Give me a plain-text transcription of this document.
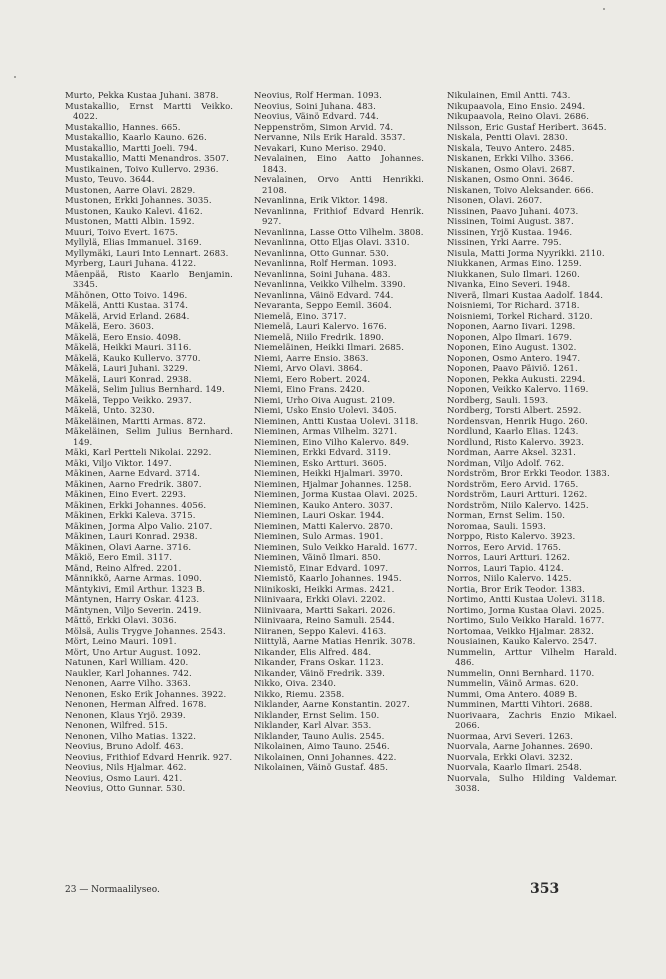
Murto, Pekka Kustaa Juhani. 3878.
Mustakallio, Ernst Martti Veikko. 4022.
Mustakallio, Hannes. 665.
Mustakallio, Kaarlo Kauno. 626.
Mustakallio, Martti Joeli. 794.
Mustakallio, Matti Menandros. 3507.
Mustikainen, Toivo Kullervo. 2936.
Musto, Teuvo. 3644.
Mustonen, Aarre Olavi. 2829.
Mustonen, Erkki Johannes. 3035.
Mustonen, Kauko Kalevi. 4162.
Mustonen, Matti Albin. 1592.
Muuri, Toivo Evert. 1675.
Myllylä, Elias Immanuel. 3169.
Myllymäki, Lauri Into Lennart. 2683.
Myrberg, Lauri Juhana. 4122.
Mäenpää, Risto Kaarlo Benjamin. 3345.
Mähönen, Otto Toivo. 1496.
Mäkelä, Antti Kustaa. 3174.
Mäkelä, Arvid Erland. 2684.
Mäkelä, Eero. 3603.
Mäkelä, Eero Ensio. 4098.
Mäkelä, Heikki Mauri. 3116.
Mäkelä, Kauko Kullervo. 3770.
Mäkelä, Lauri Juhani. 3229.
Mäkelä, Lauri Konrad. 2938.
Mäkelä, Selim Julius Bernhard. 149.
Mäkelä, Teppo Veikko. 2937.
Mäkelä, Unto. 3230.
Mäkeläinen, Martti Armas. 872.
Mäkeläinen, Selim Julius Bernhard. 149.
Mäki, Karl Pertteli Nikolai. 2292.
Mäki, Viljo Viktor. 1497.
Mäkinen, Aarne Edvard. 3714.
Mäkinen, Aarno Fredrik. 3807.
Mäkinen, Eino Evert. 2293.
Mäkinen, Erkki Johannes. 4056.
Mäkinen, Erkki Kaleva. 3715.
Mäkinen, Jorma Alpo Valio. 2107.
Mäkinen, Lauri Konrad. 2938.
Mäkinen, Olavi Aarne. 3716.
Mäkiö, Eero Emil. 3117.
Mänd, Reino Alfred. 2201.
Männikkö, Aarne Armas. 1090.
Mäntykivi, Emil Arthur. 1323 B.
Mäntynen, Harry Oskar. 4123.
Mäntynen, Viljo Severin. 2419.
Mättö, Erkki Olavi. 3036.
Mölsä, Aulis Trygve Johannes. 2543.
Mört, Leino Mauri. 1091.
Mört, Uno Artur August. 1092.
Natunen, Karl William. 420.
Naukler, Karl Johannes. 742.
Nenonen, Aarre Vilho. 3363.
Nenonen, Esko Erik Johannes. 3922.
Nenonen, Herman Alfred. 1678.
Nenonen, Klaus Yrjö. 2939.
Nenonen, Wilfred. 515.
Nenonen, Vilho Matias. 1322.
Neovius, Bruno Adolf. 463.
Neovius, Frithiof Edvard Henrik. 927.
Neovius, Nils Hjalmar. 462.
Neovius, Osmo Lauri. 421.
Neovius, Otto Gunnar. 530.
Neovius, Rolf Herman. 1093.
Neovius, Soini Juhana. 483.
Neovius, Väinö Edvard. 744.
Neppenström, Simon Arvid. 74.
Nervanne, Nils Erik Harald. 3537.
Nevakari, Kuno Meriso. 2940.
Nevalainen, Eino Aatto Johannes. 1843.
Nevalainen, Orvo Antti Henrikki. 2108.
Nevanlinna, Erik Viktor. 1498.
Nevanlinna, Frithiof Edvard Henrik. 927.
Nevanlinna, Lasse Otto Vilhelm. 3808.
Nevanlinna, Otto Eljas Olavi. 3310.
Nevanlinna, Otto Gunnar. 530.
Nevanlinna, Rolf Herman. 1093.
Nevanlinna, Soini Juhana. 483.
Nevanlinna, Veikko Vilhelm. 3390.
Nevanlinna, Väinö Edvard. 744.
Nevaranta, Seppo Eemil. 3604.
Niemelä, Eino. 3717.
Niemelä, Lauri Kalervo. 1676.
Niemelä, Niilo Fredrik. 1890.
Niemeläinen, Heikki Ilmari. 2685.
Niemi, Aarre Ensio. 3863.
Niemi, Arvo Olavi. 3864.
Niemi, Eero Robert. 2024.
Niemi, Eino Frans. 2420.
Niemi, Urho Oiva August. 2109.
Niemi, Usko Ensio Uolevi. 3405.
Nieminen, Antti Kustaa Uolevi. 3118.
Nieminen, Armas Vilhelm. 3271.
Nieminen, Eino Vilho Kalervo. 849.
Nieminen, Erkki Edvard. 3119.
Nieminen, Esko Artturi. 3605.
Nieminen, Heikki Hjalmari. 3970.
Nieminen, Hjalmar Johannes. 1258.
Nieminen, Jorma Kustaa Olavi. 2025.
Nieminen, Kauko Antero. 3037.
Nieminen, Lauri Oskar. 1944.
Nieminen, Matti Kalervo. 2870.
Nieminen, Sulo Armas. 1901.
Nieminen, Sulo Veikko Harald. 1677.
Nieminen, Väinö Ilmari. 850.
Niemistö, Einar Edvard. 1097.
Niemistö, Kaarlo Johannes. 1945.
Niinikoski, Heikki Armas. 2421.
Niinivaara, Erkki Olavi. 2202.
Niinivaara, Martti Sakari. 2026.
Niinivaara, Reino Samuli. 2544.
Niiranen, Seppo Kalevi. 4163.
Niittylä, Aarne Matias Henrik. 3078.
Nikander, Elis Alfred. 484.
Nikander, Frans Oskar. 1123.
Nikander, Väinö Fredrik. 339.
Nikko, Oiva. 2340.
Nikko, Riemu. 2358.
Niklander, Aarne Konstantin. 2027.
Niklander, Ernst Selim. 150.
Niklander, Karl Alvar. 353.
Niklander, Tauno Aulis. 2545.
Nikolainen, Aimo Tauno. 2546.
Nikolainen, Onni Johannes. 422.
Nikolainen, Väinö Gustaf. 485.
Nikulainen, Emil Antti. 743.
Nikupaavola, Eino Ensio. 2494.
Nikupaavola, Reino Olavi. 2686.
Nilsson, Eric Gustaf Heribert. 3645.
Niskala, Pentti Olavi. 2830.
Niskala, Teuvo Antero. 2485.
Niskanen, Erkki Vilho. 3366.
Niskanen, Osmo Olavi. 2687.
Niskanen, Osmo Onni. 3646.
Niskanen, Toivo Aleksander. 666.
Nisonen, Olavi. 2607.
Nissinen, Paavo Juhani. 4073.
Nissinen, Toimi August. 387.
Nissinen, Yrjö Kustaa. 1946.
Nissinen, Yrki Aarre. 795.
Nisula, Matti Jorma Nyyrikki. 2110.
Niukkanen, Armas Eino. 1259.
Niukkanen, Sulo Ilmari. 1260.
Nivanka, Eino Severi. 1948.
Niverä, Ilmari Kustaa Aadolf. 1844.
Noisniemi, Tor Richard. 3718.
Noisniemi, Torkel Richard. 3120.
Noponen, Aarno Iivari. 1298.
Noponen, Alpo Ilmari. 1679.
Noponen, Eino August. 1302.
Noponen, Osmo Antero. 1947.
Noponen, Paavo Päiviö. 1261.
Noponen, Pekka Aukusti. 2294.
Noponen, Veikko Kalervo. 1169.
Nordberg, Sauli. 1593.
Nordberg, Torsti Albert. 2592.
Nordensvan, Henrik Hugo. 260.
Nordlund, Kaarlo Elias. 1243.
Nordlund, Risto Kalervo. 3923.
Nordman, Aarre Aksel. 3231.
Nordman, Viljo Adolf. 762.
Nordström, Bror Erkki Teodor. 1383.
Nordström, Eero Arvid. 1765.
Nordström, Lauri Artturi. 1262.
Nordström, Niilo Kalervo. 1425.
Norman, Ernst Selim. 150.
Noromaa, Sauli. 1593.
Norppo, Risto Kalervo. 3923.
Norros, Eero Arvid. 1765.
Norros, Lauri Artturi. 1262.
Norros, Lauri Tapio. 4124.
Norros, Niilo Kalervo. 1425.
Nortia, Bror Erik Teodor. 1383.
Nortimo, Antti Kustaa Uolevi. 3118.
Nortimo, Jorma Kustaa Olavi. 2025.
Nortimo, Sulo Veikko Harald. 1677.
Nortomaa, Veikko Hjalmar. 2832.
Nousiainen, Kauko Kalervo. 2547.
Nummelin, Arttur Vilhelm Harald. 486.
Nummelin, Onni Bernhard. 1170.
Nummelin, Väinö Armas. 620.
Nummi, Oma Antero. 4089 B.
Numminen, Martti Vihtori. 2688.
Nuorivaara, Zachris Enzio Mikael. 2066.
Nuormaa, Arvi Severi. 1263.
Nuorvala, Aarne Johannes. 2690.
Nuorvala, Erkki Olavi. 3232.
Nuorvala, Kaarlo Ilmari. 2548.
Nuorvala, Sulho Hilding Valdemar. 3038.
23 — Normaalilyseo.	353
